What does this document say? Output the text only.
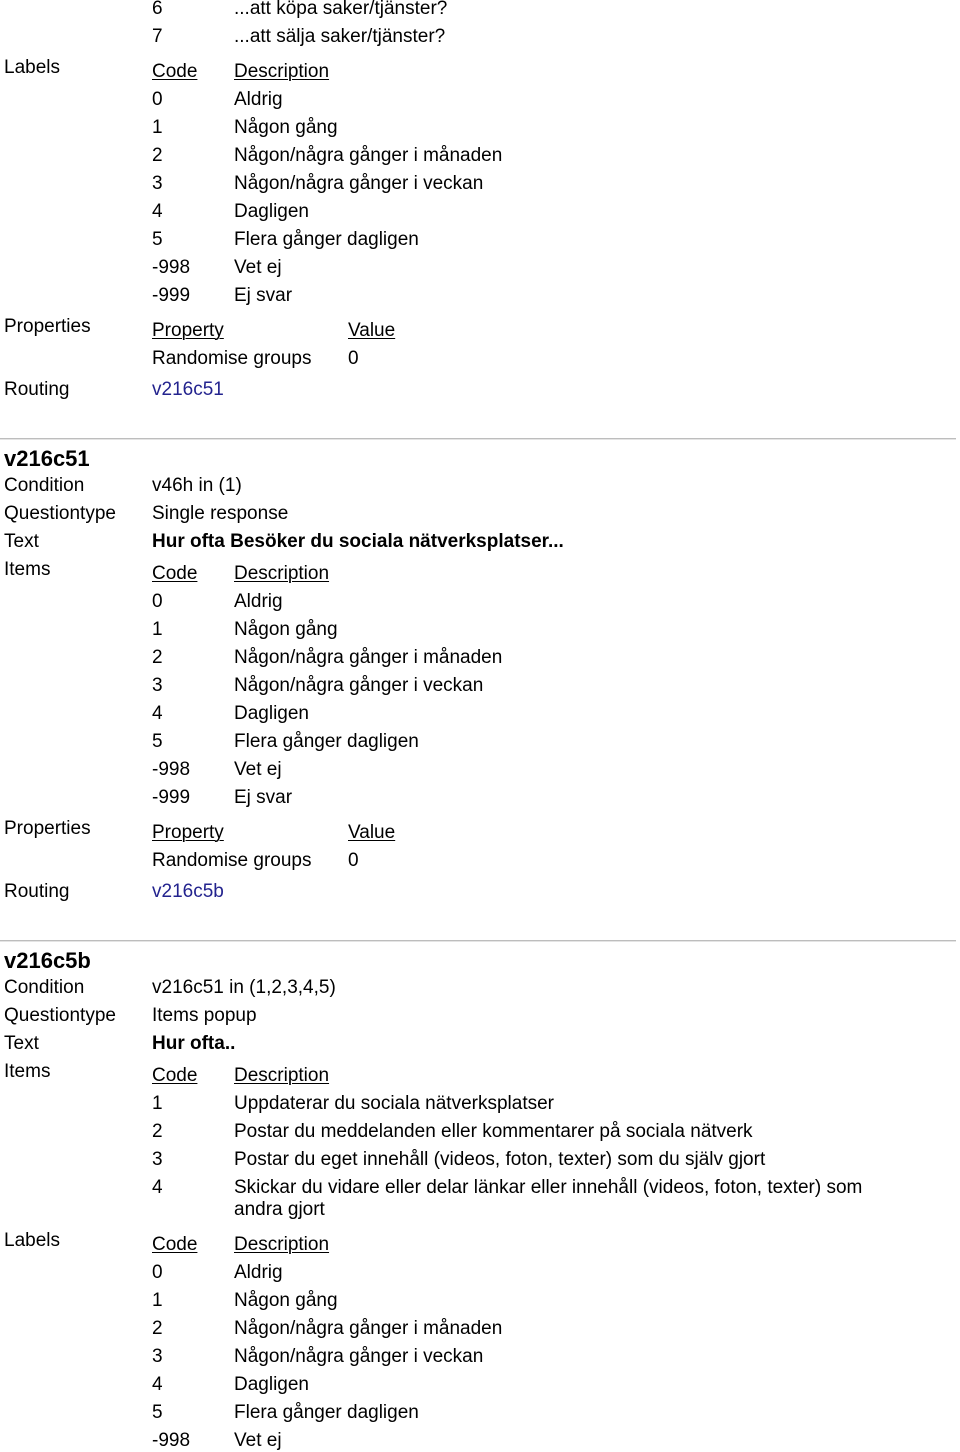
6	...att köpa saker/tjänster?
7	...att sälja saker/tjänster?
Labels	Code	Description
0	Aldrig
1	Någon gång
2	Någon/några gånger i månaden
3	Någon/några gånger i veckan
4	Dagligen
5	Flera gånger dagligen
-998	Vet ej
-999	Ej svar
Properties	Property	Value
Randomise groups	0
Routing	v216c51
v216c51
Condition	v46h in (1)
Questiontype	Single response
Text	Hur ofta Besöker du sociala nätverksplatser...
Items	Code	Description
0	Aldrig
1	Någon gång
2	Någon/några gånger i månaden
3	Någon/några gånger i veckan
4	Dagligen
5	Flera gånger dagligen
-998	Vet ej
-999	Ej svar
Properties	Property	Value
Randomise groups	0
Routing	v216c5b
v216c5b
Condition	v216c51 in (1,2,3,4,5)
Questiontype	Items popup
Text	Hur ofta..
Items	Code	Description
1	Uppdaterar du sociala nätverksplatser
2	Postar du meddelanden eller kommentarer på sociala nätverk
3	Postar du eget innehåll (videos, foton, texter) som du själv gjort
4	Skickar du vidare eller delar länkar eller innehåll (videos, foton, texter) som andra gjort
Labels	Code	Description
0	Aldrig
1	Någon gång
2	Någon/några gånger i månaden
3	Någon/några gånger i veckan
4	Dagligen
5	Flera gånger dagligen
-998	Vet ej
